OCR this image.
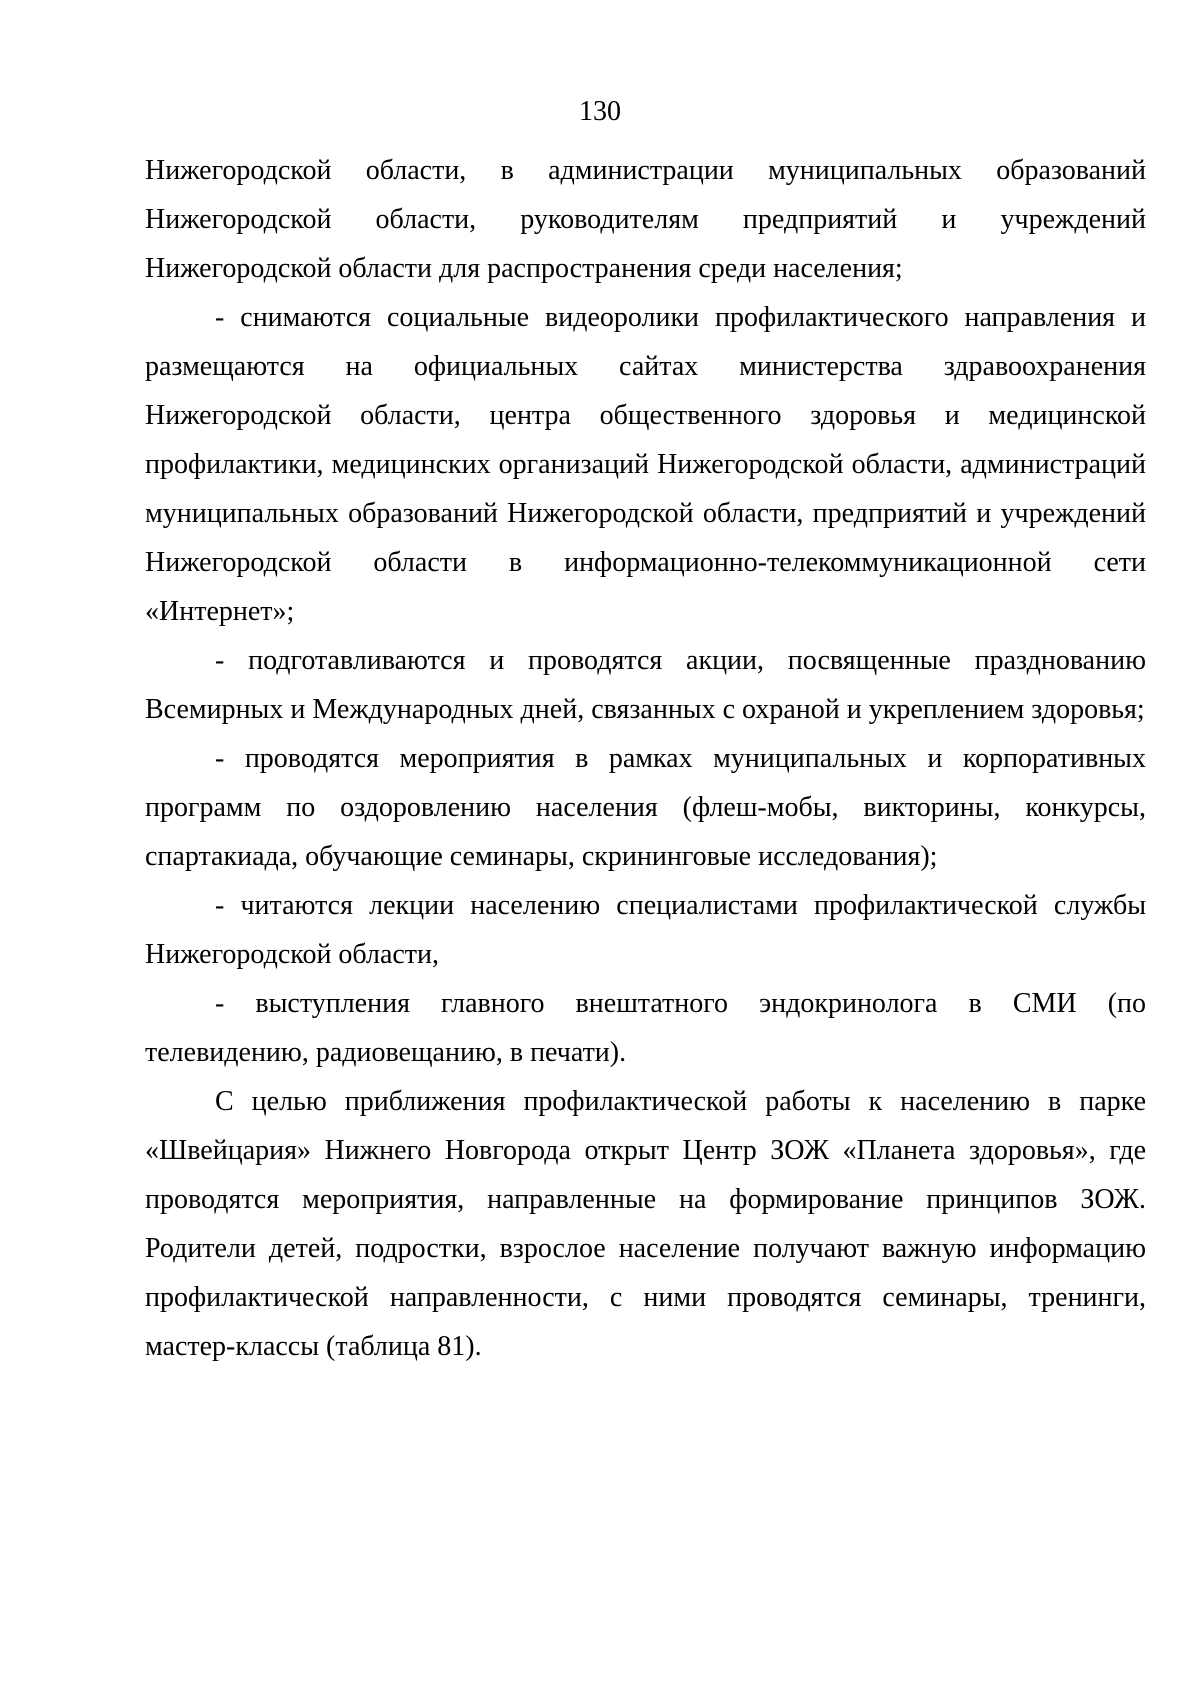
130

Нижегородской области, в администрации муниципальных образований Нижегородской области, руководителям предприятий и учреждений Нижегородской области для распространения среди населения;

- снимаются социальные видеоролики профилактического направления и размещаются на официальных сайтах министерства здравоохранения Нижегородской области, центра общественного здоровья и медицинской профилактики, медицинских организаций Нижегородской области, администраций муниципальных образований Нижегородской области, предприятий и учреждений Нижегородской области в информационно-телекоммуникационной сети «Интернет»;

- подготавливаются и проводятся акции, посвященные празднованию Всемирных и Международных дней, связанных с охраной и укреплением здоровья;

- проводятся мероприятия в рамках муниципальных и корпоративных программ по оздоровлению населения (флеш-мобы, викторины, конкурсы, спартакиада, обучающие семинары, скрининговые исследования);

- читаются лекции населению специалистами профилактической службы Нижегородской области,

- выступления главного внештатного эндокринолога в СМИ (по телевидению, радиовещанию, в печати).

С целью приближения профилактической работы к населению в парке «Швейцария» Нижнего Новгорода открыт Центр ЗОЖ «Планета здоровья», где проводятся мероприятия, направленные на формирование принципов ЗОЖ. Родители детей, подростки, взрослое население получают важную информацию профилактической направленности, с ними проводятся семинары, тренинги, мастер-классы (таблица 81).
